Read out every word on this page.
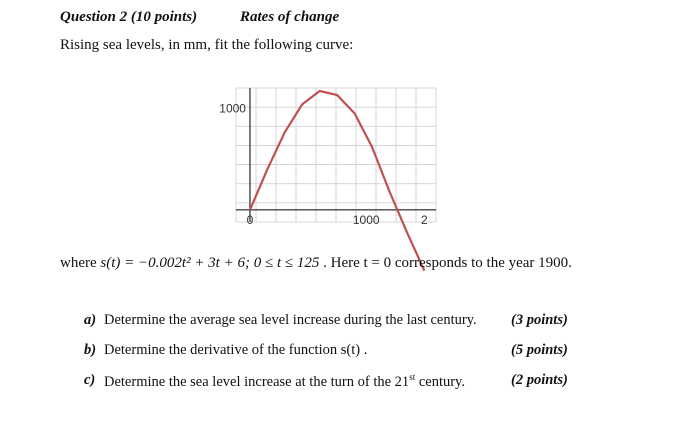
Question 2 (10 points)	Rates of change
Rising sea levels, in mm, fit the following curve:
1000
0	1000	2
where s(t) = −0.002t² + 3t + 6; 0 ≤ t ≤ 125 . Here t = 0 corresponds to the year 1900.
a) Determine the average sea level increase during the last century. (3 points)
b) Determine the derivative of the function s(t) .	(5 points)
c) Determine the sea level increase at the turn of the 21st century.	(2 points)
